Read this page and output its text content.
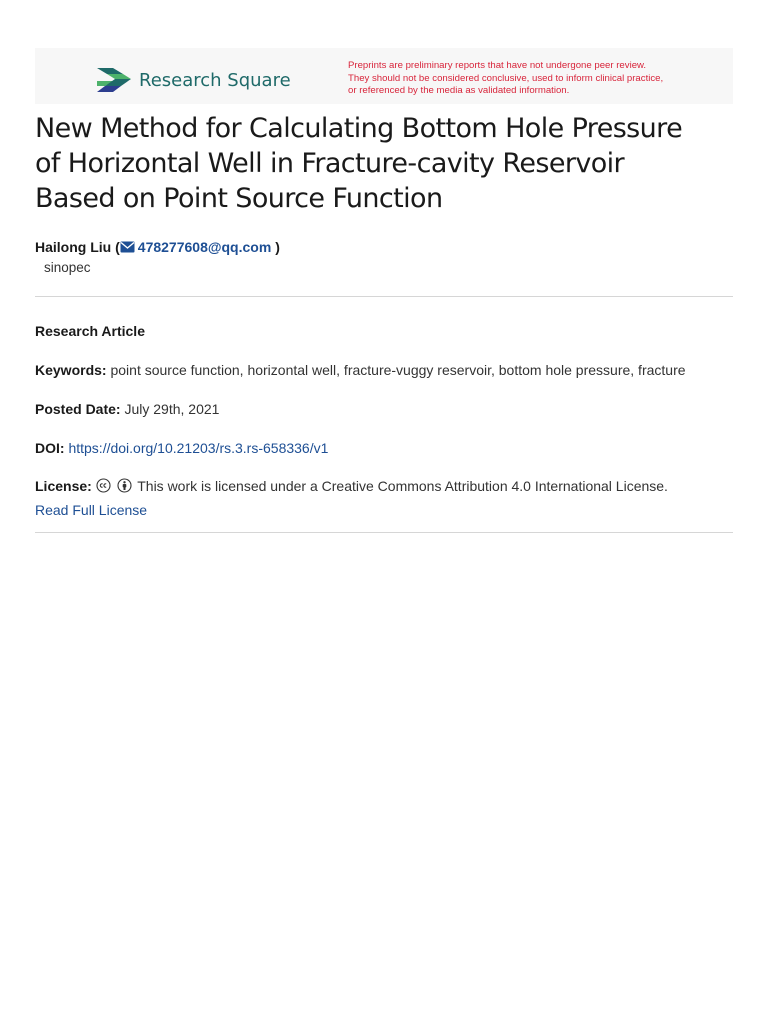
Research Square
Preprints are preliminary reports that have not undergone peer review.
They should not be considered conclusive, used to inform clinical practice,
or referenced by the media as validated information.
New Method for Calculating Bottom Hole Pressure
of Horizontal Well in Fracture-cavity Reservoir
Based on Point Source Function
Hailong Liu ( 478277608@qq.com )
sinopec
Research Article
Keywords: point source function, horizontal well, fracture-vuggy reservoir, bottom hole pressure, fracture
Posted Date: July 29th, 2021
DOI: https://doi.org/10.21203/rs.3.rs-658336/v1
License:	This work is licensed under a Creative Commons Attribution 4.0 International License.
Read Full License
